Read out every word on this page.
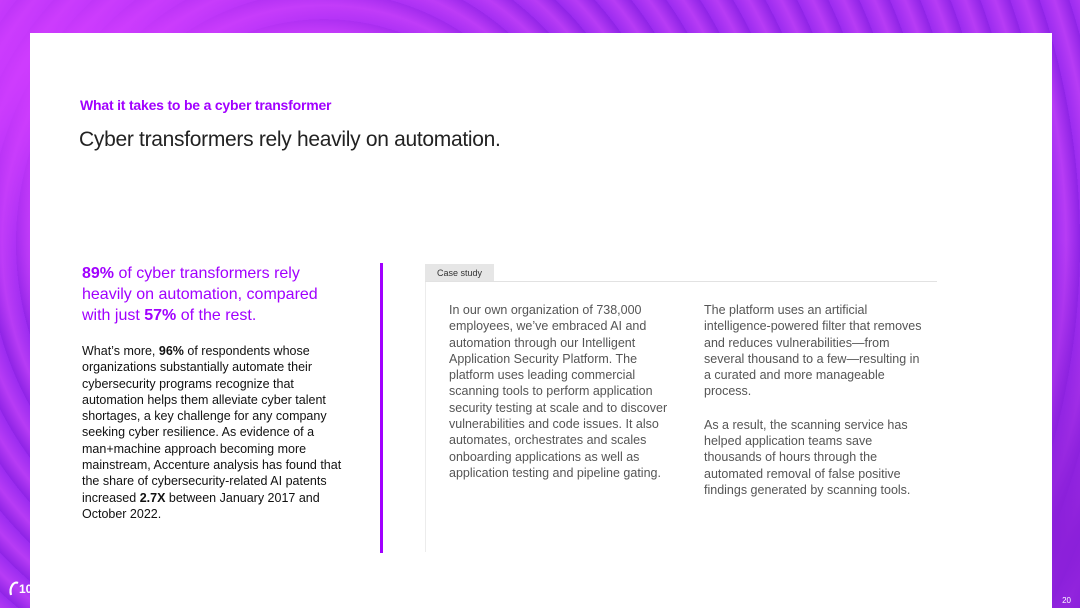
What it takes to be a cyber transformer
Cyber transformers rely heavily on automation.
89% of cyber transformers rely heavily on automation, compared with just 57% of the rest.
What’s more, 96% of respondents whose organizations substantially automate their cybersecurity programs recognize that automation helps them alleviate cyber talent shortages, a key challenge for any company seeking cyber resilience. As evidence of a man+machine approach becoming more mainstream, Accenture analysis has found that the share of cybersecurity-related AI patents increased 2.7X between January 2017 and October 2022.
Case study

In our own organization of 738,000 employees, we’ve embraced AI and automation through our Intelligent Application Security Platform. The platform uses leading commercial scanning tools to perform application security testing at scale and to discover vulnerabilities and code issues. It also automates, orchestrates and scales onboarding applications as well as application testing and pipeline gating.

The platform uses an artificial intelligence-powered filter that removes and reduces vulnerabilities—from several thousand to a few—resulting in a curated and more manageable process.

As a result, the scanning service has helped application teams save thousands of hours through the automated removal of false positive findings generated by scanning tools.

100 大数跨境	20
